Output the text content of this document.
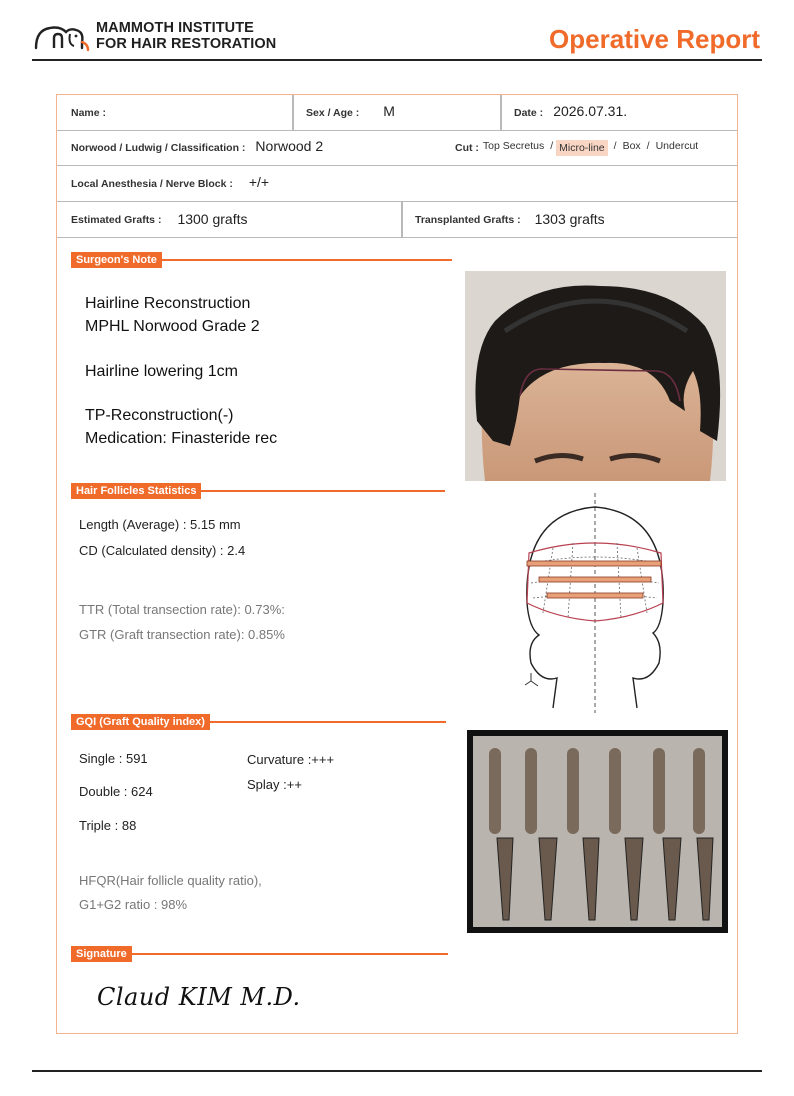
MAMMOTH INSTITUTE
FOR HAIR RESTORATION	Operative Report
Name :	Sex / Age : M	Date : 2026.07.31.
Norwood / Ludwig / Classification : Norwood 2	Cut : Top Secretus / Micro-line / Box / Undercut
Local Anesthesia / Nerve Block : +/+
Estimated Grafts : 1300 grafts	Transplanted Grafts : 1303 grafts
Surgeon's Note
Hairline Reconstruction
MPHL Norwood Grade 2
Hairline lowering 1cm
TP-Reconstruction(-)
Medication: Finasteride rec
Hair Follicles Statistics
Length (Average) : 5.15 mm
CD (Calculated density) : 2.4
TTR (Total transection rate): 0.73%:
GTR (Graft transection rate): 0.85%
GQI (Graft Quality index)
Single : 591
Double : 624
Triple : 88
Curvature :+++
Splay :++
HFQR(Hair follicle quality ratio),
G1+G2 ratio : 98%
Signature
Claud KIM M.D.
